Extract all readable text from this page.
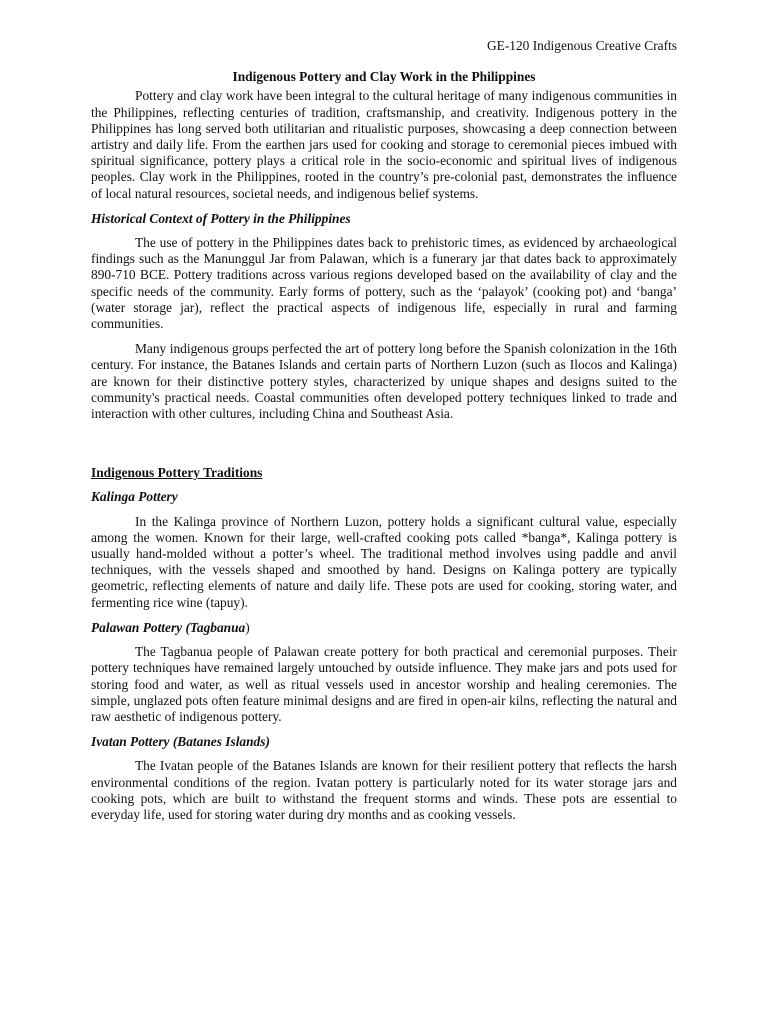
GE-120 Indigenous Creative Crafts
Indigenous Pottery and Clay Work in the Philippines

Pottery and clay work have been integral to the cultural heritage of many indigenous communities in the Philippines, reflecting centuries of tradition, craftsmanship, and creativity. Indigenous pottery in the Philippines has long served both utilitarian and ritualistic purposes, showcasing a deep connection between artistry and daily life. From the earthen jars used for cooking and storage to ceremonial pieces imbued with spiritual significance, pottery plays a critical role in the socio-economic and spiritual lives of indigenous peoples. Clay work in the Philippines, rooted in the country’s pre-colonial past, demonstrates the influence of local natural resources, societal needs, and indigenous belief systems.

Historical Context of Pottery in the Philippines

The use of pottery in the Philippines dates back to prehistoric times, as evidenced by archaeological findings such as the Manunggul Jar from Palawan, which is a funerary jar that dates back to approximately 890-710 BCE. Pottery traditions across various regions developed based on the availability of clay and the specific needs of the community. Early forms of pottery, such as the ‘palayok’ (cooking pot) and ‘banga’ (water storage jar), reflect the practical aspects of indigenous life, especially in rural and farming communities.

Many indigenous groups perfected the art of pottery long before the Spanish colonization in the 16th century. For instance, the Batanes Islands and certain parts of Northern Luzon (such as Ilocos and Kalinga) are known for their distinctive pottery styles, characterized by unique shapes and designs suited to the community's practical needs. Coastal communities often developed pottery techniques linked to trade and interaction with other cultures, including China and Southeast Asia.

Indigenous Pottery Traditions
Kalinga Pottery

In the Kalinga province of Northern Luzon, pottery holds a significant cultural value, especially among the women. Known for their large, well-crafted cooking pots called *banga*, Kalinga pottery is usually hand-molded without a potter’s wheel. The traditional method involves using paddle and anvil techniques, with the vessels shaped and smoothed by hand. Designs on Kalinga pottery are typically geometric, reflecting elements of nature and daily life. These pots are used for cooking, storing water, and fermenting rice wine (tapuy).

Palawan Pottery (Tagbanua)

The Tagbanua people of Palawan create pottery for both practical and ceremonial purposes. Their pottery techniques have remained largely untouched by outside influence. They make jars and pots used for storing food and water, as well as ritual vessels used in ancestor worship and healing ceremonies. The simple, unglazed pots often feature minimal designs and are fired in open-air kilns, reflecting the natural and raw aesthetic of indigenous pottery.

Ivatan Pottery (Batanes Islands)

The Ivatan people of the Batanes Islands are known for their resilient pottery that reflects the harsh environmental conditions of the region. Ivatan pottery is particularly noted for its water storage jars and cooking pots, which are built to withstand the frequent storms and winds. These pots are essential to everyday life, used for storing water during dry months and as cooking vessels.
